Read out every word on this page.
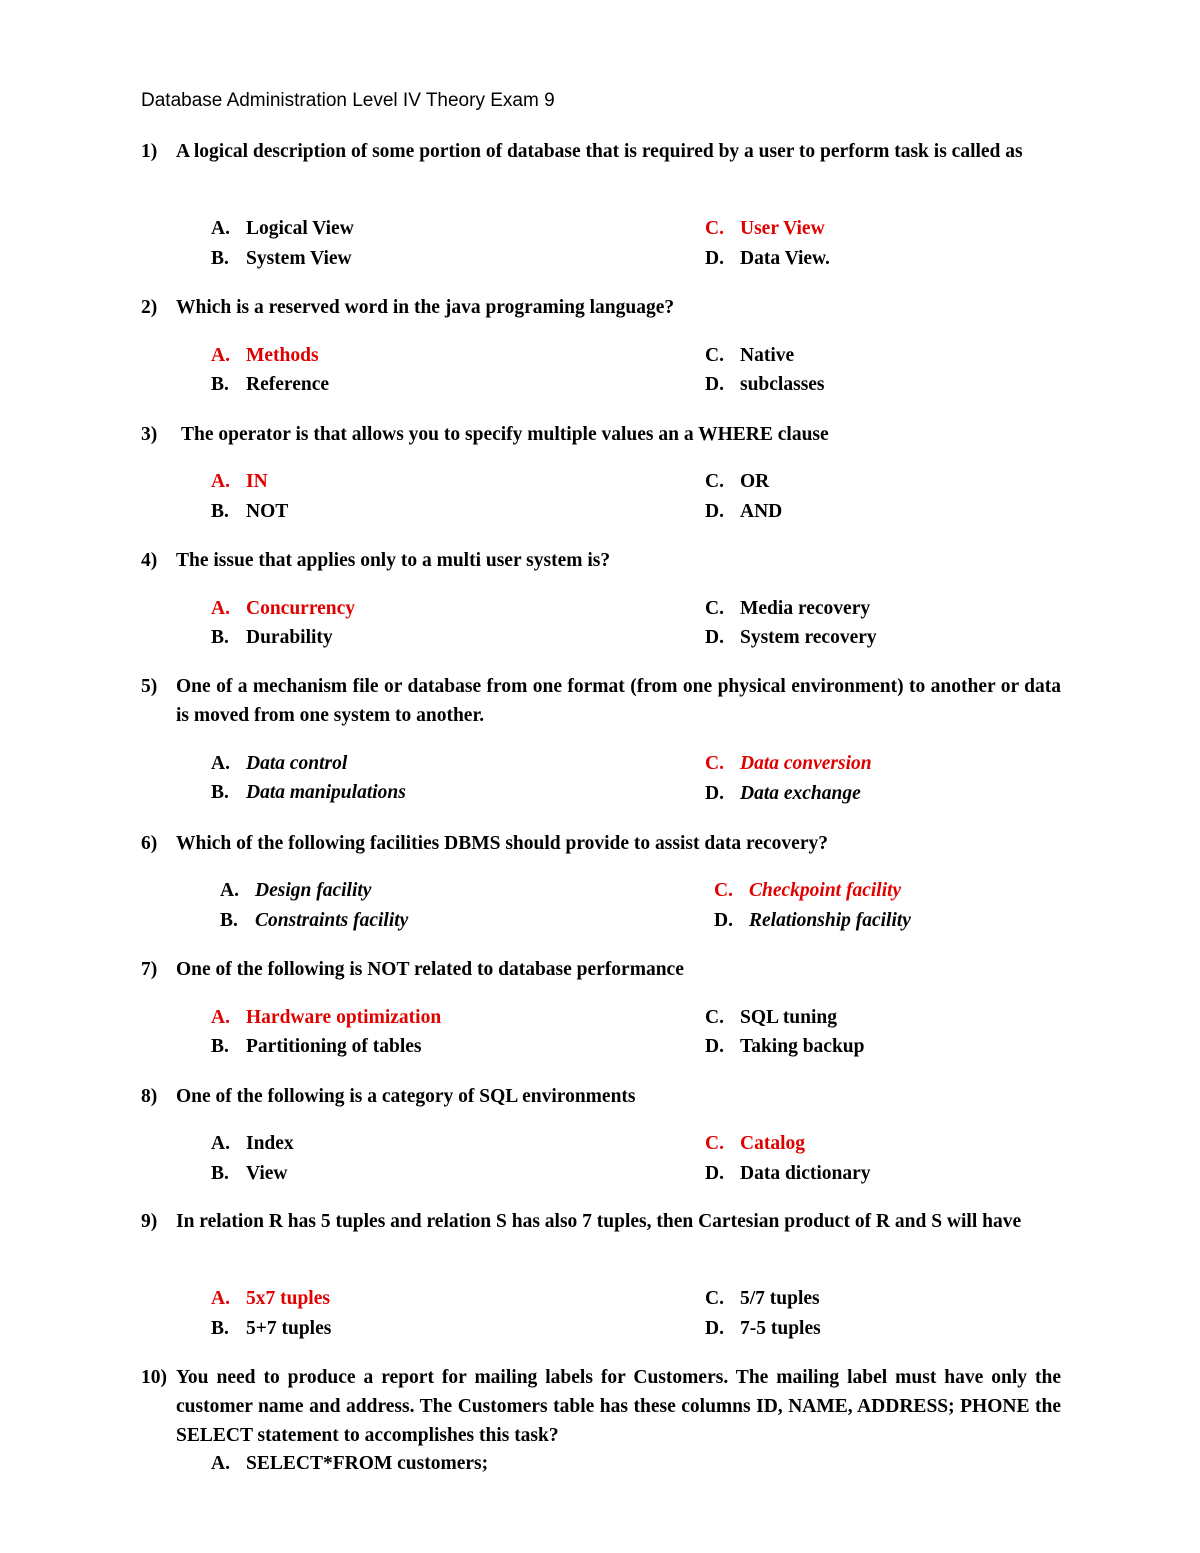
Database Administration Level IV Theory Exam 9
1) A logical description of some portion of database that is required by a user to perform task is called as
A. Logical View
B. System View
C. User View
D. Data View.
2) Which is a reserved word in the java programing language?
A. Methods
B. Reference
C. Native
D. subclasses
3) The operator is that allows you to specify multiple values an a WHERE clause
A. IN
B. NOT
C. OR
D. AND
4) The issue that applies only to a multi user system is?
A. Concurrency
B. Durability
C. Media recovery
D. System recovery
5) One of a mechanism file or database from one format (from one physical environment) to another or data is moved from one system to another.
A. Data control
B. Data manipulations
C. Data conversion
D. Data exchange
6) Which of the following facilities DBMS should provide to assist data recovery?
A. Design facility
B. Constraints facility
C. Checkpoint facility
D. Relationship facility
7) One of the following is NOT related to database performance
A. Hardware optimization
B. Partitioning of tables
C. SQL tuning
D. Taking backup
8) One of the following is a category of SQL environments
A. Index
B. View
C. Catalog
D. Data dictionary
9) In relation R has 5 tuples and relation S has also 7 tuples, then Cartesian product of R and S will have
A. 5x7 tuples
B. 5+7 tuples
C. 5/7 tuples
D. 7-5 tuples
10) You need to produce a report for mailing labels for Customers. The mailing label must have only the customer name and address. The Customers table has these columns ID, NAME, ADDRESS; PHONE the SELECT statement to accomplishes this task?
A. SELECT*FROM customers;
